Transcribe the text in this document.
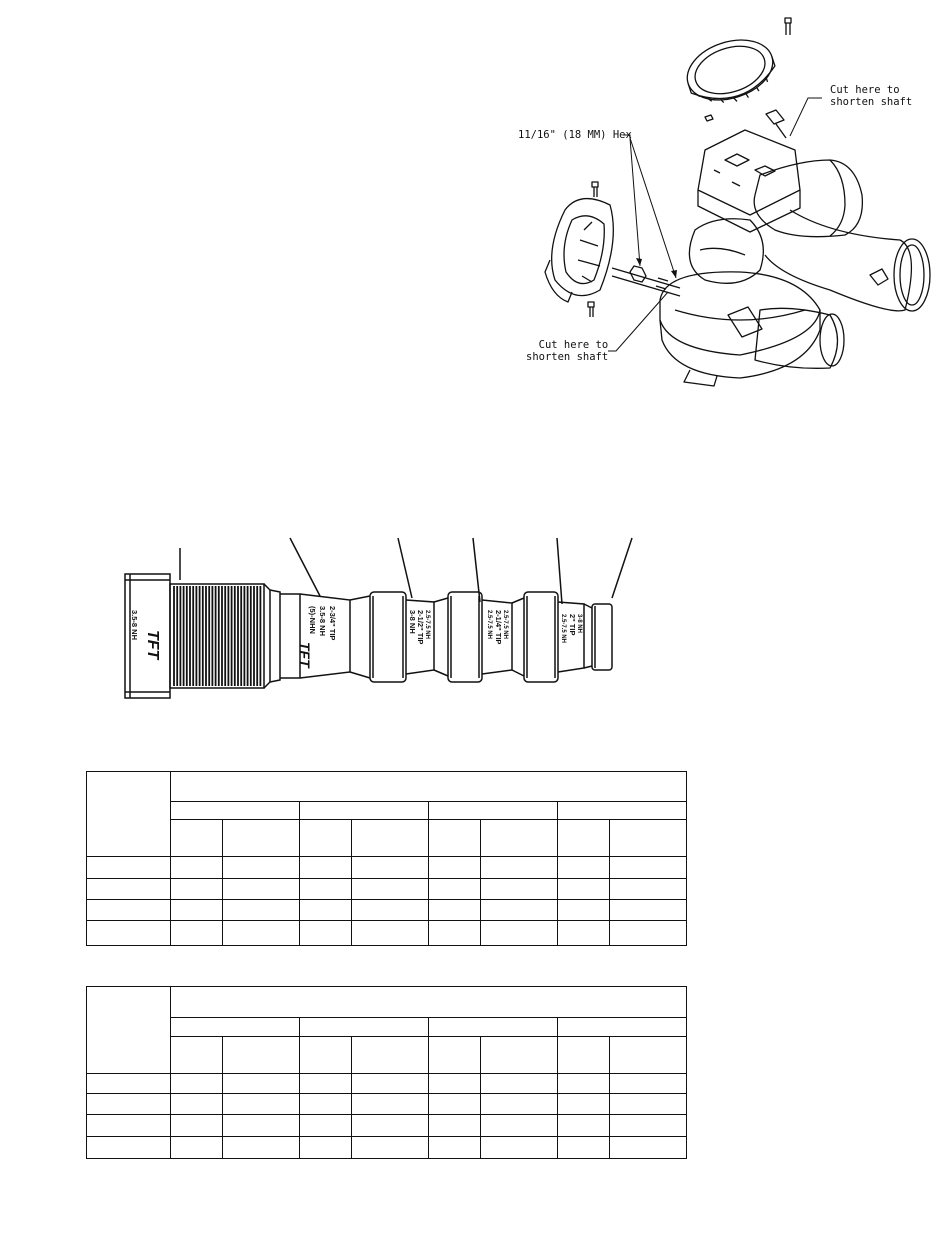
11/16" (18 MM) Hex
Cut here to
shorten shaft
Cut here to
shorten shaft
TFT
3.5-8 NH	2-3/4" TIP
3.5-8 NH
(5)-NHN
TFT
2.5-7.5 NH
2-1/2" TIP
3-8 NH	2.5-7.5 NH
2-1/4" TIP
2.5-7.5 NH	3-8 NH
2" TIP
2.5-7.5 NH
